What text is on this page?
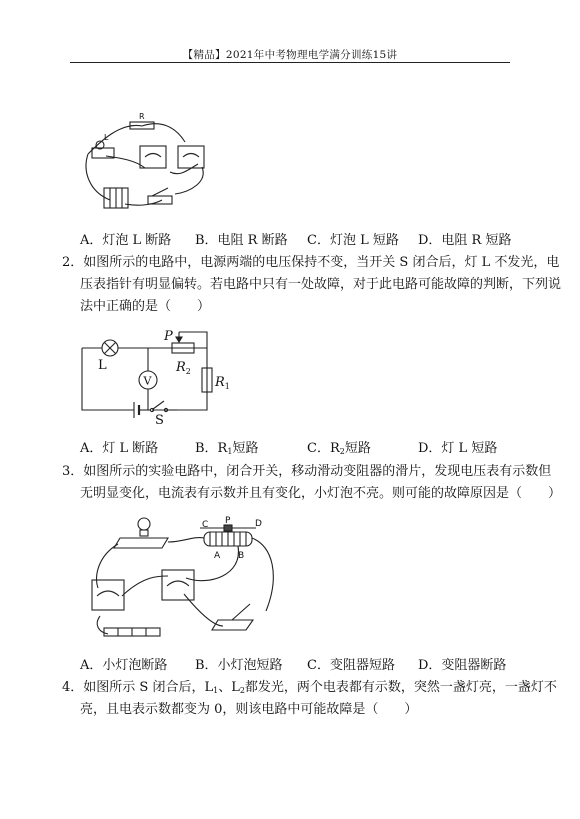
【精品】2021年中考物理电学满分训练15讲
R
L
A．灯泡 L 断路 B．电阻 R 断路 C．灯泡 L 短路 D．电阻 R 短路
2．如图所示的电路中，电源两端的电压保持不变，当开关 S 闭合后，灯 L 不发光，电
压表指针有明显偏转。若电路中只有一处故障，对于此电路可能故障的判断，下列说
法中正确的是（　　）
P
L
V
$R_2$
$R_1$
S
A．灯 L 断路	B．$R_1$短路	C．$R_2$短路	D．灯 L 短路
3．如图所示的实验电路中，闭合开关，移动滑动变阻器的滑片，发现电压表有示数但
无明显变化，电流表有示数并且有变化，小灯泡不亮。则可能的故障原因是（　　）
C P	D
A B
A．小灯泡断路 B．小灯泡短路 C．变阻器短路 D．变阻器断路
4．如图所示 S 闭合后，$L_1$、$L_2$都发光，两个电表都有示数，突然一盏灯亮，一盏灯不
亮，且电表示数都变为 0，则该电路中可能故障是（　　）
